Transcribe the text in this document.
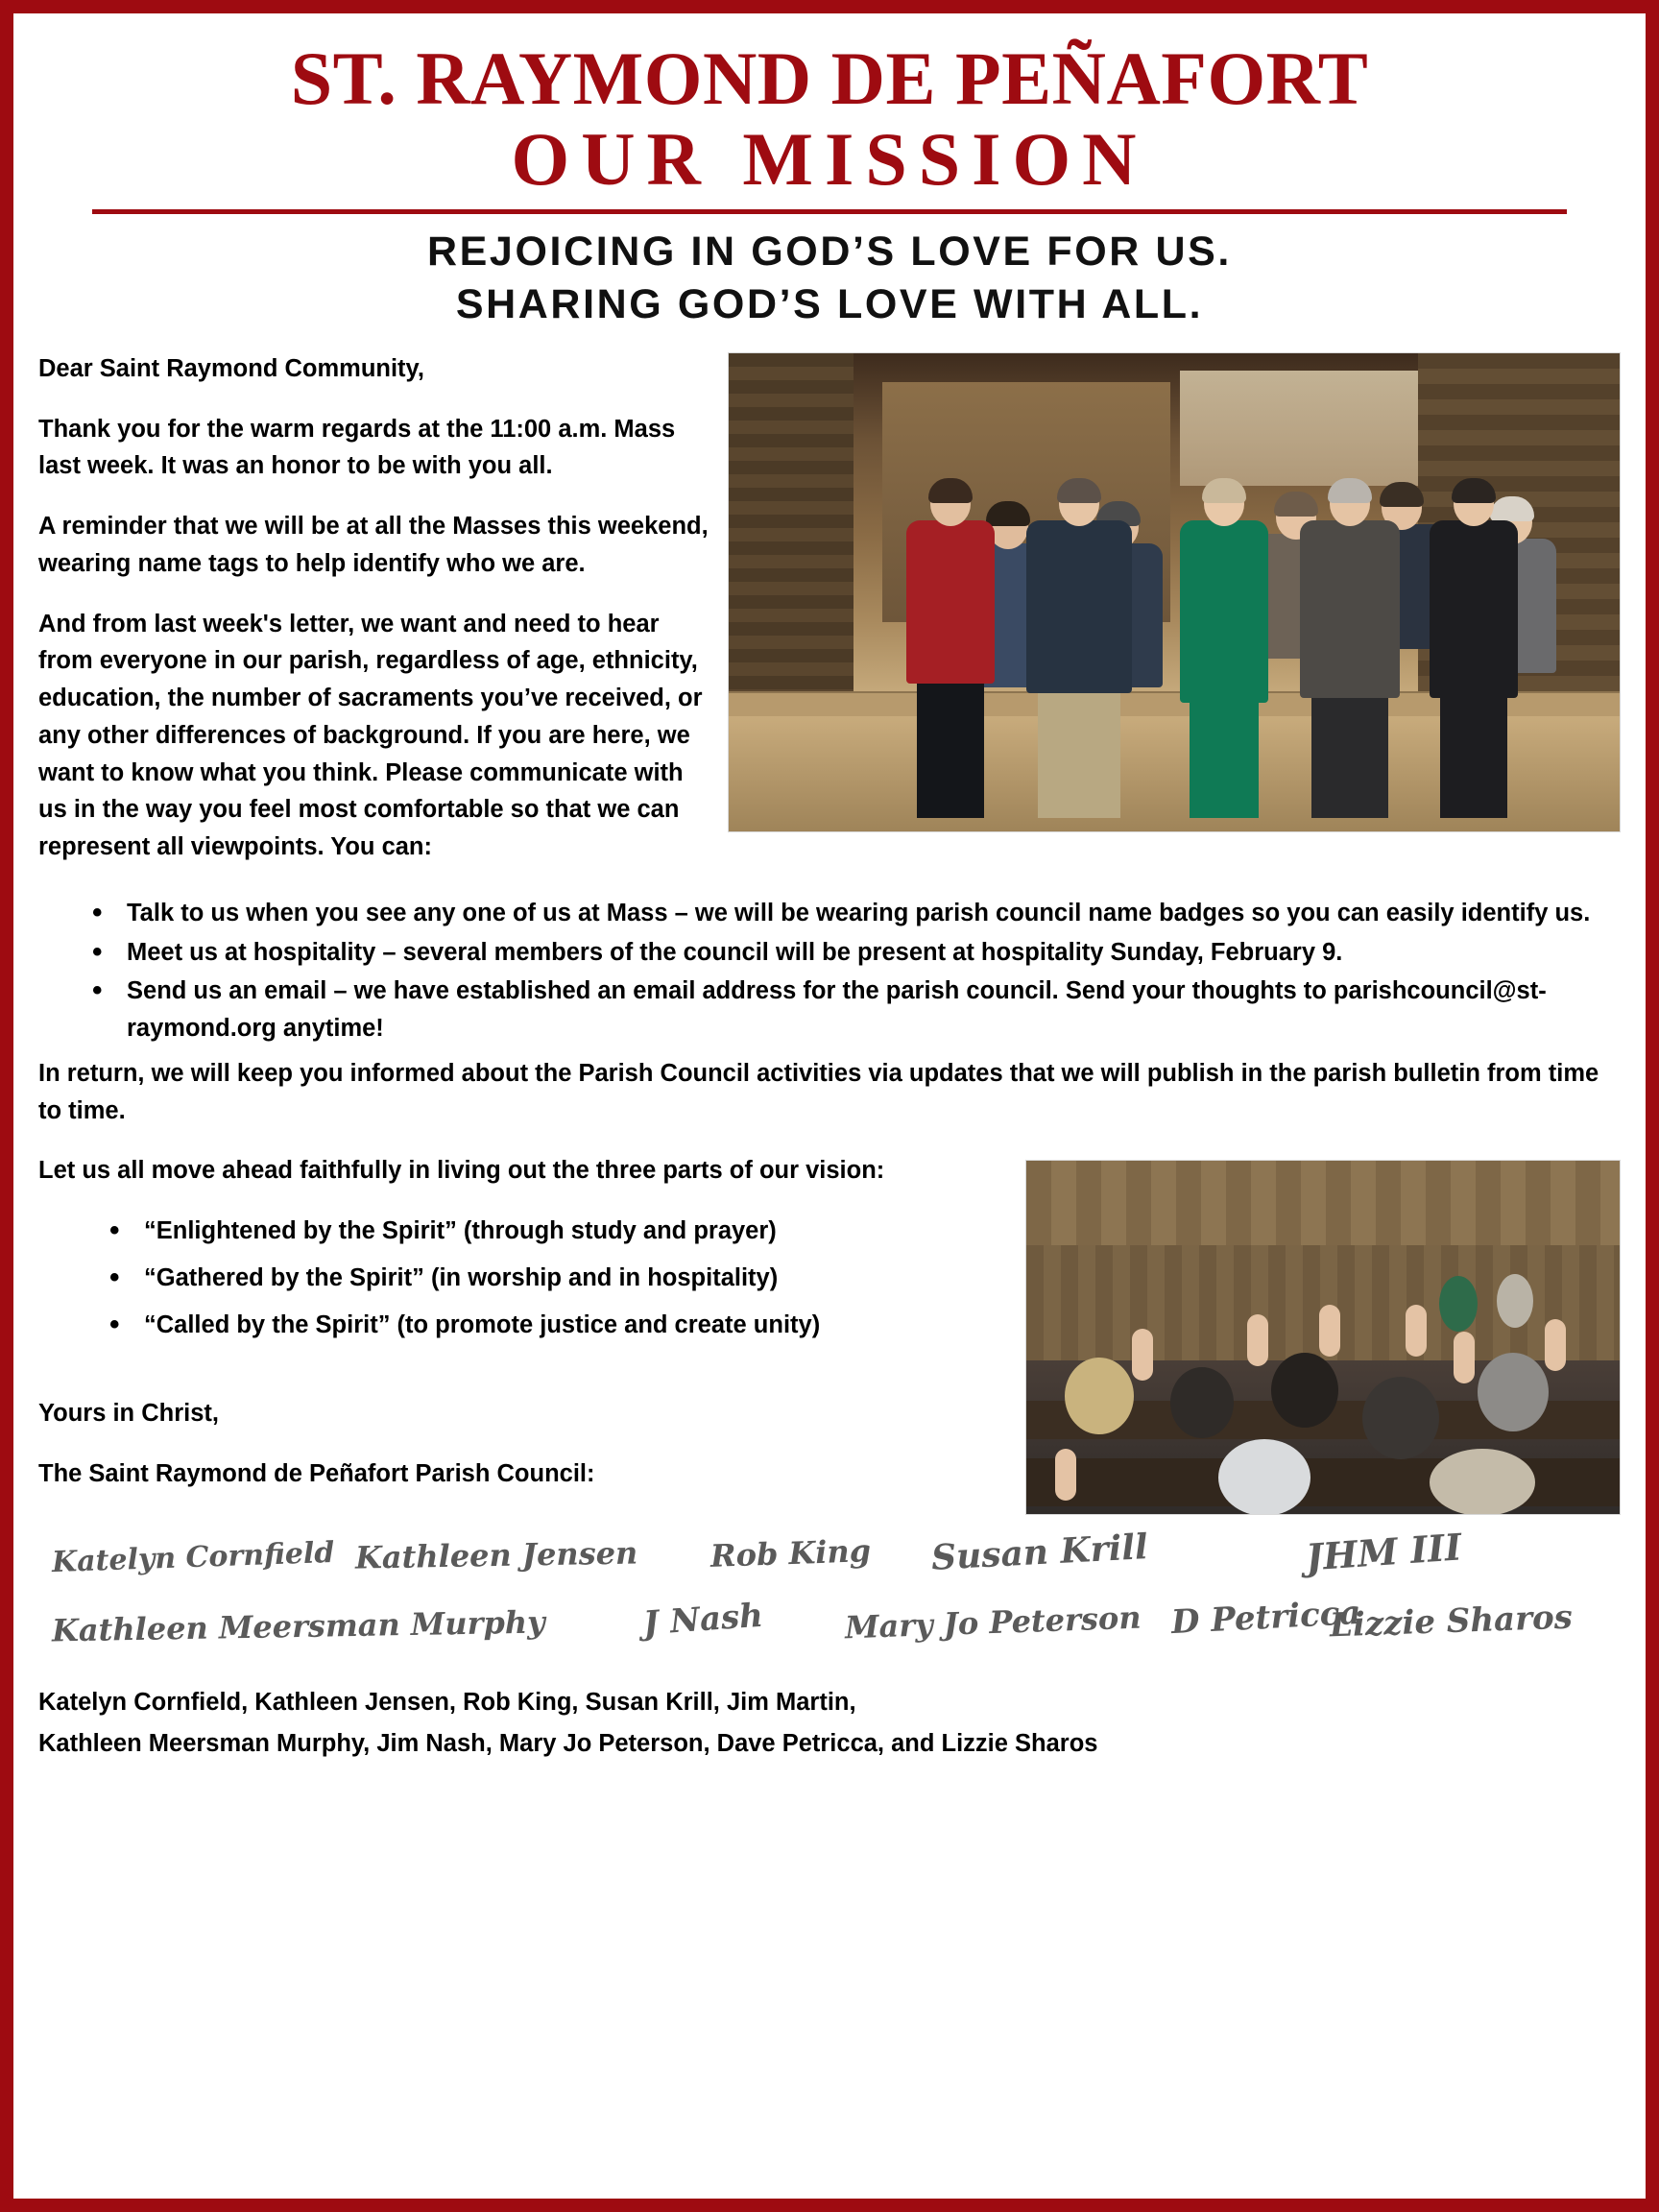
ST. RAYMOND DE PEÑAFORT
OUR MISSION
REJOICING IN GOD’S LOVE FOR US.
SHARING GOD’S LOVE WITH ALL.

Dear Saint Raymond Community,

Thank you for the warm regards at the 11:00 a.m. Mass last week. It was an honor to be with you all.

A reminder that we will be at all the Masses this weekend, wearing name tags to help identify who we are.

And from last week's letter, we want and need to hear from everyone in our parish, regardless of age, ethnicity, education, the number of sacraments you’ve received, or any other differences of background. If you are here, we want to know what you think. Please communicate with us in the way you feel most comfortable so that we can represent all viewpoints. You can:

• Talk to us when you see any one of us at Mass – we will be wearing parish council name badges so you can easily identify us.
• Meet us at hospitality – several members of the council will be present at hospitality Sunday, February 9.
• Send us an email – we have established an email address for the parish council. Send your thoughts to parishcouncil@st-raymond.org anytime!

In return, we will keep you informed about the Parish Council activities via updates that we will publish in the parish bulletin from time to time.

Let us all move ahead faithfully in living out the three parts of our vision:

• “Enlightened by the Spirit” (through study and prayer)
• “Gathered by the Spirit” (in worship and in hospitality)
• “Called by the Spirit” (to promote justice and create unity)

Yours in Christ,

The Saint Raymond de Peñafort Parish Council:

Katelyn Cornfield Kathleen Jensen Rob King Susan Krill	JHM III
Kathleen Meersman Murphy	J Nash	Mary Jo Peterson D Petricca
Lizzie Sharos
Katelyn Cornfield, Kathleen Jensen, Rob King, Susan Krill, Jim Martin,
Kathleen Meersman Murphy, Jim Nash, Mary Jo Peterson, Dave Petricca, and Lizzie Sharos
